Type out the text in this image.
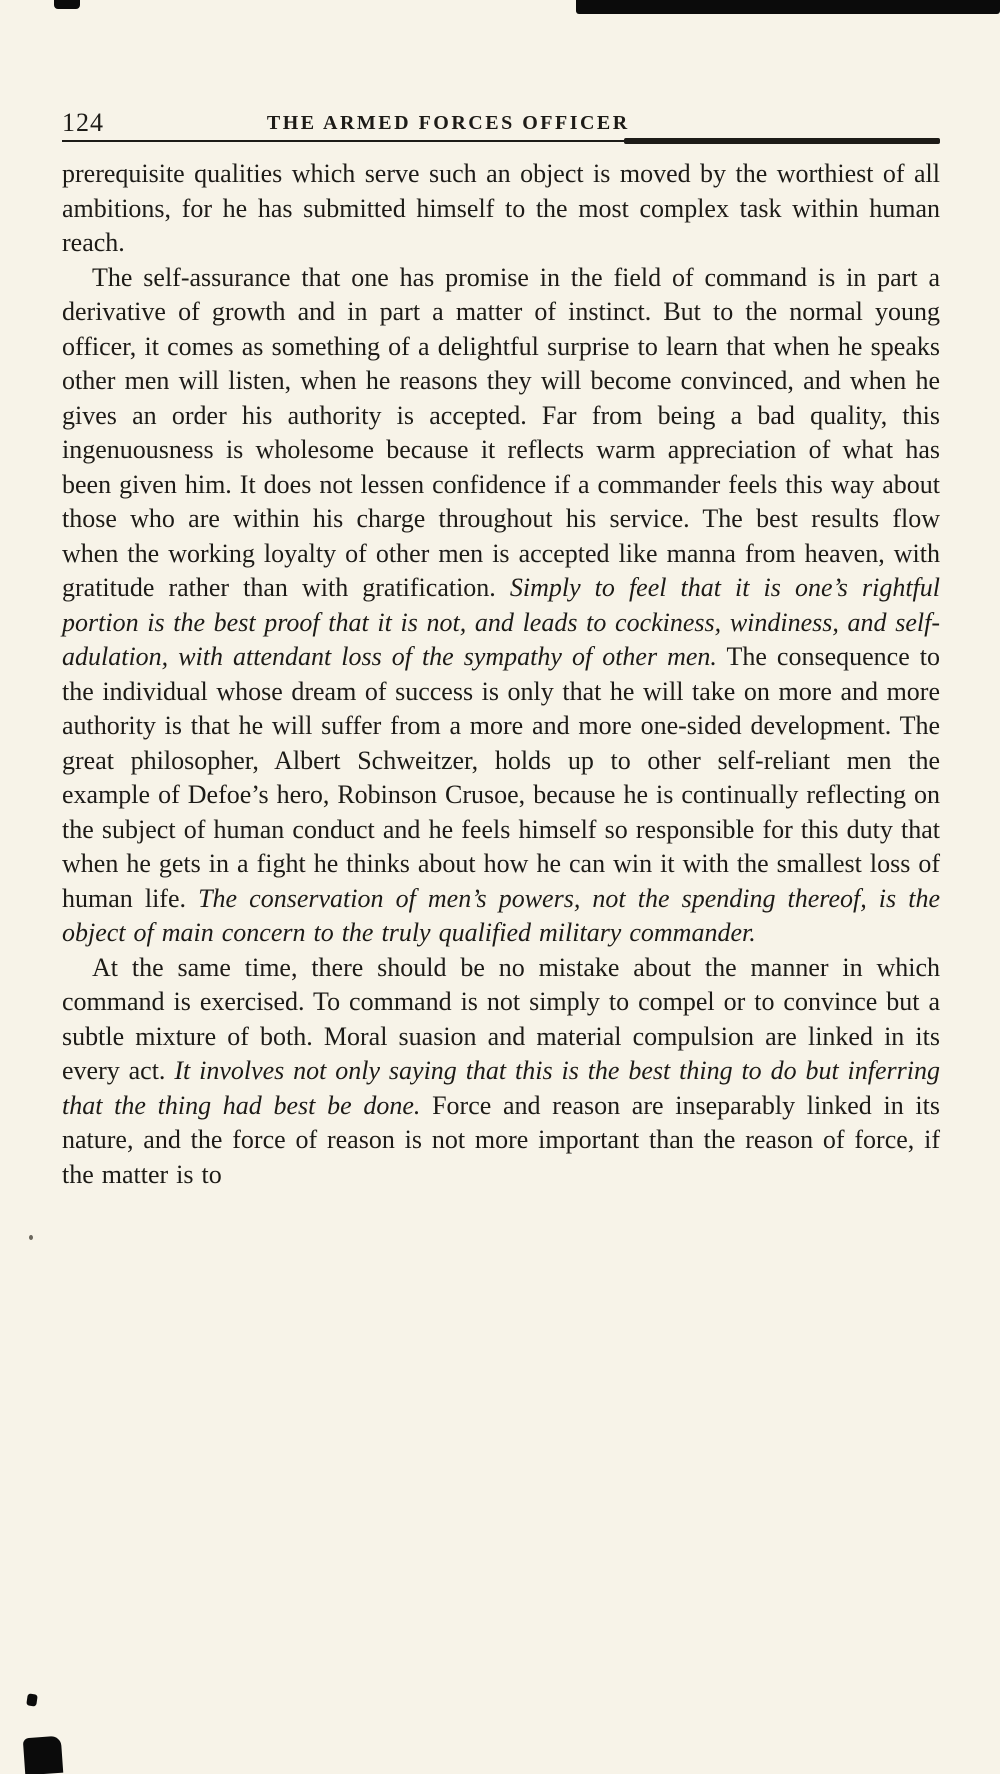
124	THE ARMED FORCES OFFICER

prerequisite qualities which serve such an object is moved by the worthiest of all ambitions, for he has submitted himself to the most complex task within human reach.

The self-assurance that one has promise in the field of command is in part a derivative of growth and in part a matter of instinct. But to the normal young officer, it comes as something of a delightful surprise to learn that when he speaks other men will listen, when he reasons they will become convinced, and when he gives an order his authority is accepted. Far from being a bad quality, this ingenuousness is wholesome because it reflects warm appreciation of what has been given him. It does not lessen confidence if a commander feels this way about those who are within his charge throughout his service. The best results flow when the working loyalty of other men is accepted like manna from heaven, with gratitude rather than with gratification. Simply to feel that it is one’s rightful portion is the best proof that it is not, and leads to cockiness, windiness, and self-adulation, with attendant loss of the sympathy of other men. The consequence to the individual whose dream of success is only that he will take on more and more authority is that he will suffer from a more and more one-sided development. The great philosopher, Albert Schweitzer, holds up to other self-reliant men the example of Defoe’s hero, Robinson Crusoe, because he is continually reflecting on the subject of human conduct and he feels himself so responsible for this duty that when he gets in a fight he thinks about how he can win it with the smallest loss of human life. The conservation of men’s powers, not the spending thereof, is the object of main concern to the truly qualified military commander.

At the same time, there should be no mistake about the manner in which command is exercised. To command is not simply to compel or to convince but a subtle mixture of both. Moral suasion and material compulsion are linked in its every act. It involves not only saying that this is the best thing to do but inferring that the thing had best be done. Force and reason are inseparably linked in its nature, and the force of reason is not more important than the reason of force, if the matter is to
